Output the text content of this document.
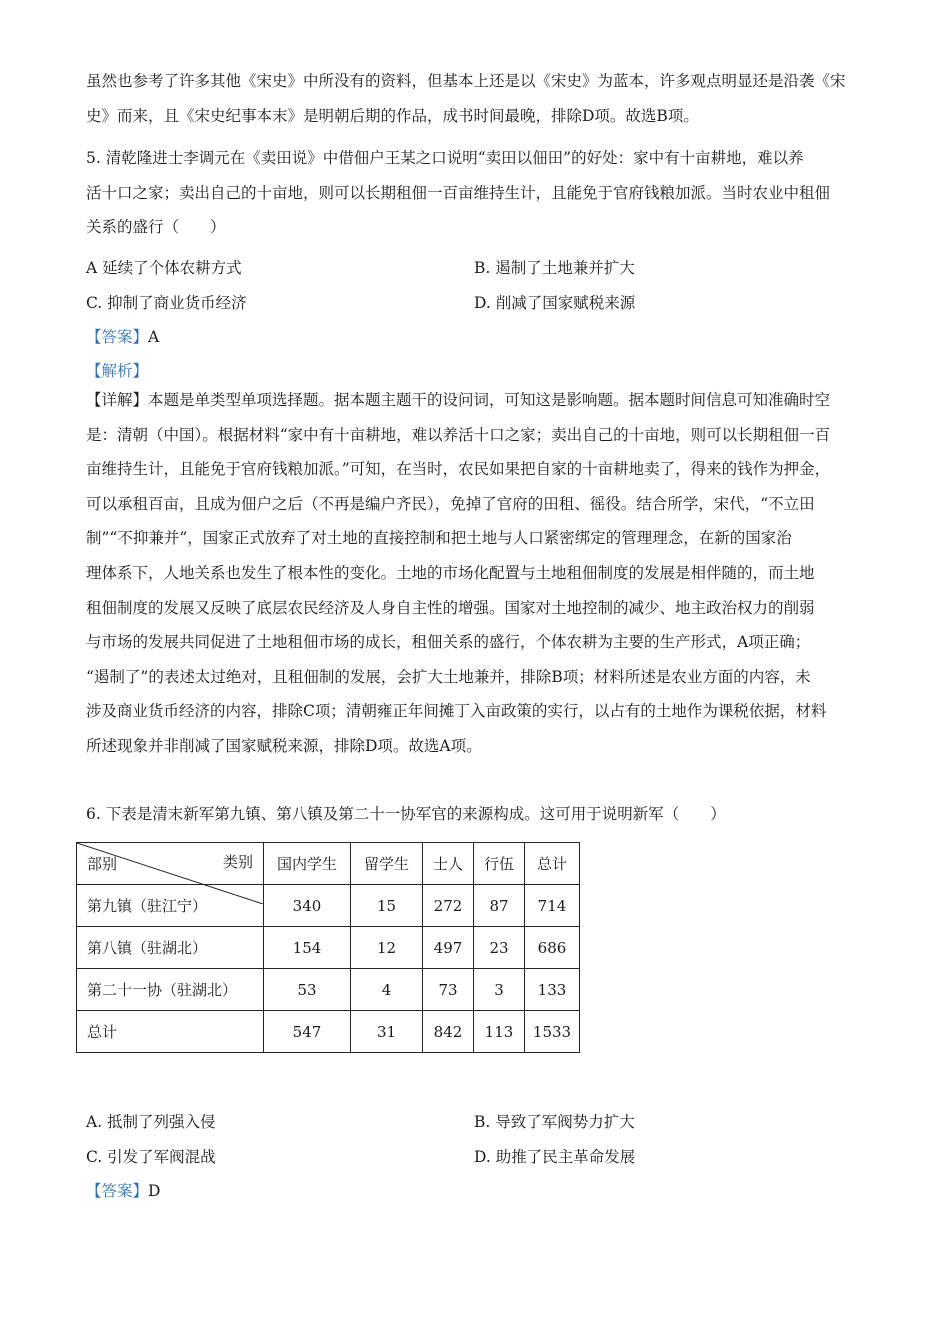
虽然也参考了许多其他《宋史》中所没有的资料，但基本上还是以《宋史》为蓝本，许多观点明显还是沿袭《宋
史》而来，且《宋史纪事本末》是明朝后期的作品，成书时间最晚，排除D项。故选B项。
5. 清乾隆进士李调元在《卖田说》中借佃户王某之口说明“卖田以佃田”的好处：家中有十亩耕地，难以养
活十口之家；卖出自己的十亩地，则可以长期租佃一百亩维持生计，且能免于官府钱粮加派。当时农业中租佃
关系的盛行（　　）
A 延续了个体农耕方式	B. 遏制了土地兼并扩大
C. 抑制了商业货币经济	D. 削减了国家赋税来源
【答案】A
【解析】
【详解】本题是单类型单项选择题。据本题主题干的设问词，可知这是影响题。据本题时间信息可知准确时空
是：清朝（中国）。根据材料“家中有十亩耕地，难以养活十口之家；卖出自己的十亩地，则可以长期租佃一百
亩维持生计，且能免于官府钱粮加派。”可知，在当时，农民如果把自家的十亩耕地卖了，得来的钱作为押金，
可以承租百亩，且成为佃户之后（不再是编户齐民），免掉了官府的田租、徭役。结合所学，宋代，“不立田
制”“不抑兼并”，国家正式放弃了对土地的直接控制和把土地与人口紧密绑定的管理理念，在新的国家治
理体系下，人地关系也发生了根本性的变化。土地的市场化配置与土地租佃制度的发展是相伴随的，而土地
租佃制度的发展又反映了底层农民经济及人身自主性的增强。国家对土地控制的减少、地主政治权力的削弱
与市场的发展共同促进了土地租佃市场的成长，租佃关系的盛行，个体农耕为主要的生产形式，A项正确；
“遏制了”的表述太过绝对，且租佃制的发展，会扩大土地兼并，排除B项；材料所述是农业方面的内容，未
涉及商业货币经济的内容，排除C项；清朝雍正年间摊丁入亩政策的实行，以占有的土地作为课税依据，材料
所述现象并非削减了国家赋税来源，排除D项。故选A项。
6. 下表是清末新军第九镇、第八镇及第二十一协军官的来源构成。这可用于说明新军（　　）
类别
部别	国内学生	留学生	士人	行伍	总计
第九镇（驻江宁）	340	15	272	87	714
第八镇（驻湖北）	154	12	497	23	686
第二十一协（驻湖北）	53	4	73	3	133
总计	547	31	842	113	1533
A. 抵制了列强入侵	B. 导致了军阀势力扩大
C. 引发了军阀混战	D. 助推了民主革命发展
【答案】D
